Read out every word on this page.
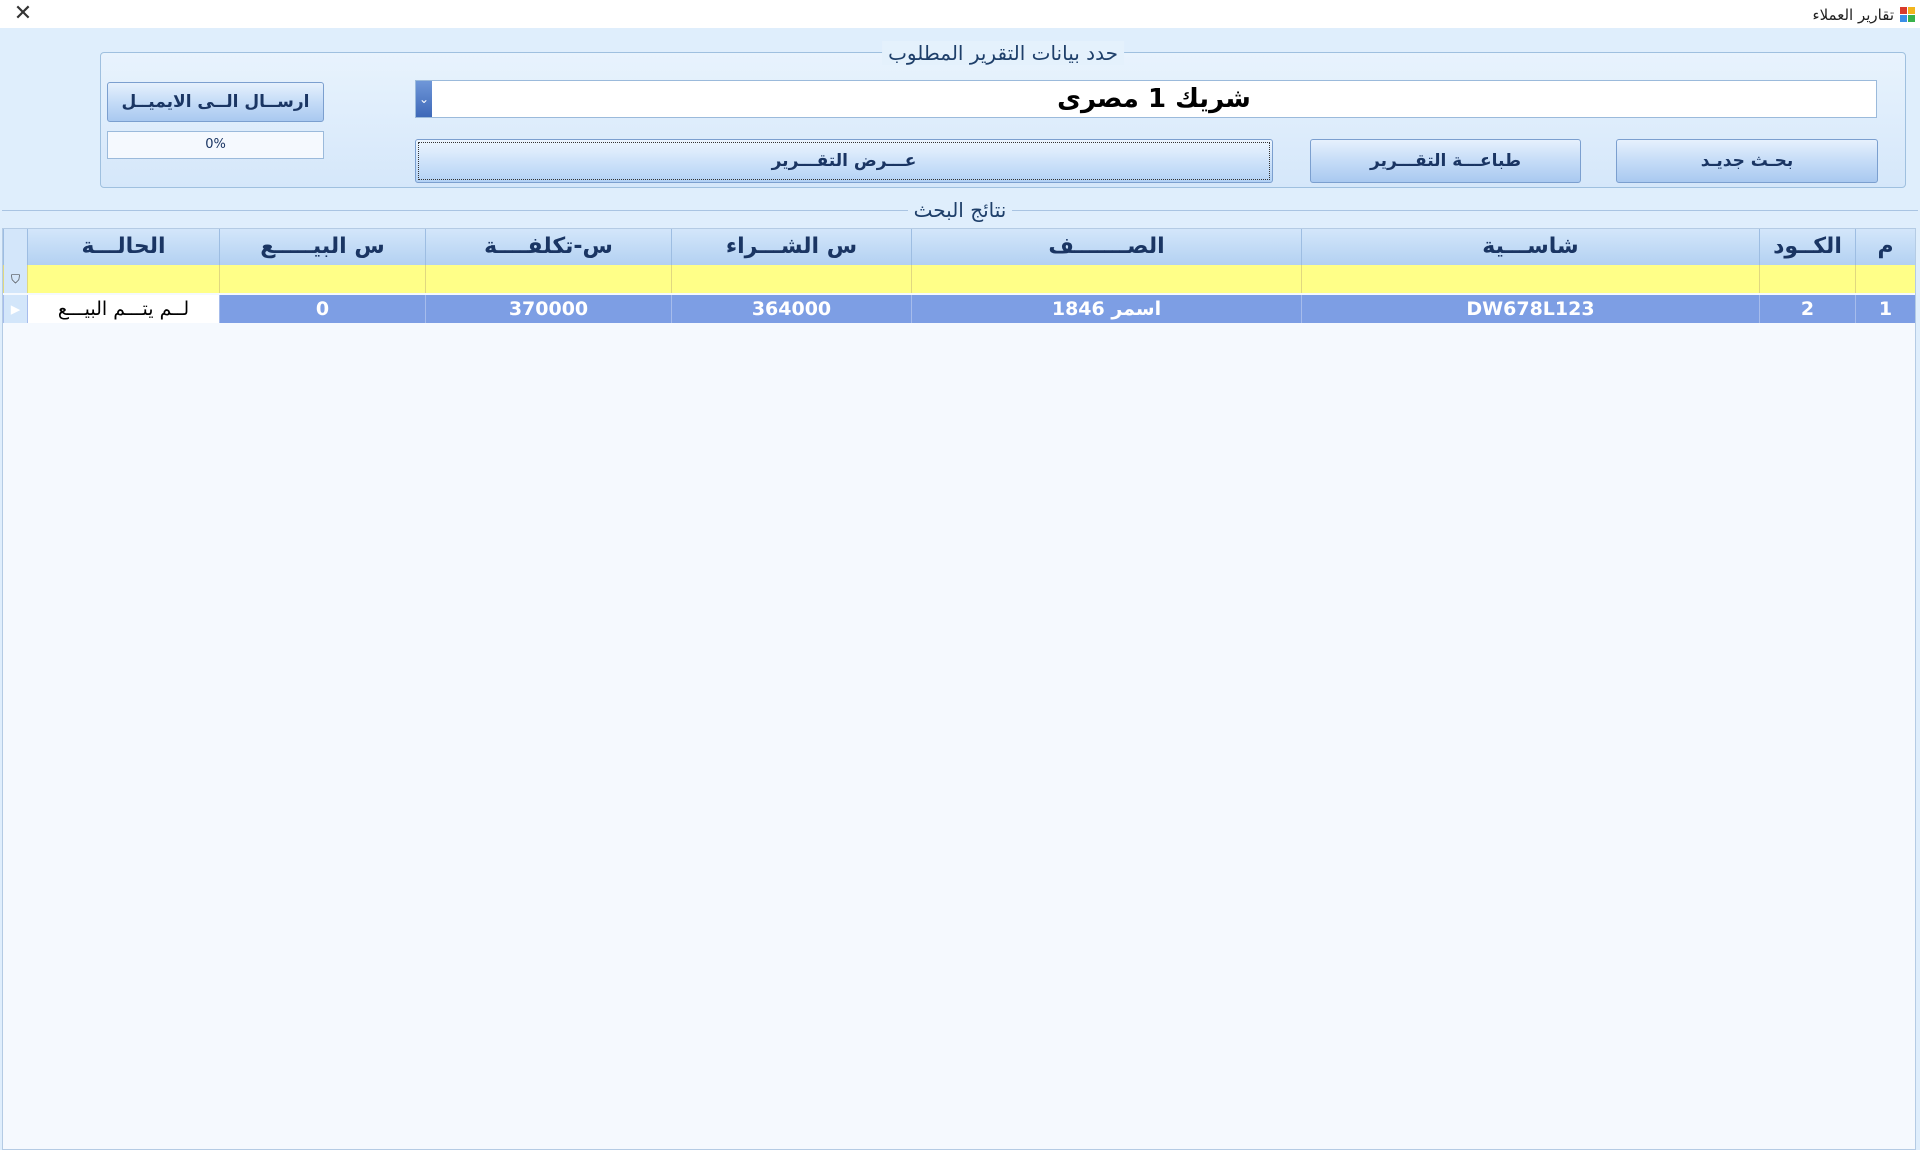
تقارير العملاء
✕
حدد بيانات التقرير المطلوب
⌄	شريك 1 مصرى
بحـث جديـد
طباعـــة التقـــرير
عـــرض التقـــرير
ارســال الــى الايميــل
0%
نتائج البحث
م
الكــود
شاســـية
الصـــــــف
س الشـــراء
س-تكلفــــة
س البيـــــع
الحالـــة
⛉
1
2
DW678L123
اسمر 1846
364000
370000
0
لــم يتـــم البيـــع
▸
